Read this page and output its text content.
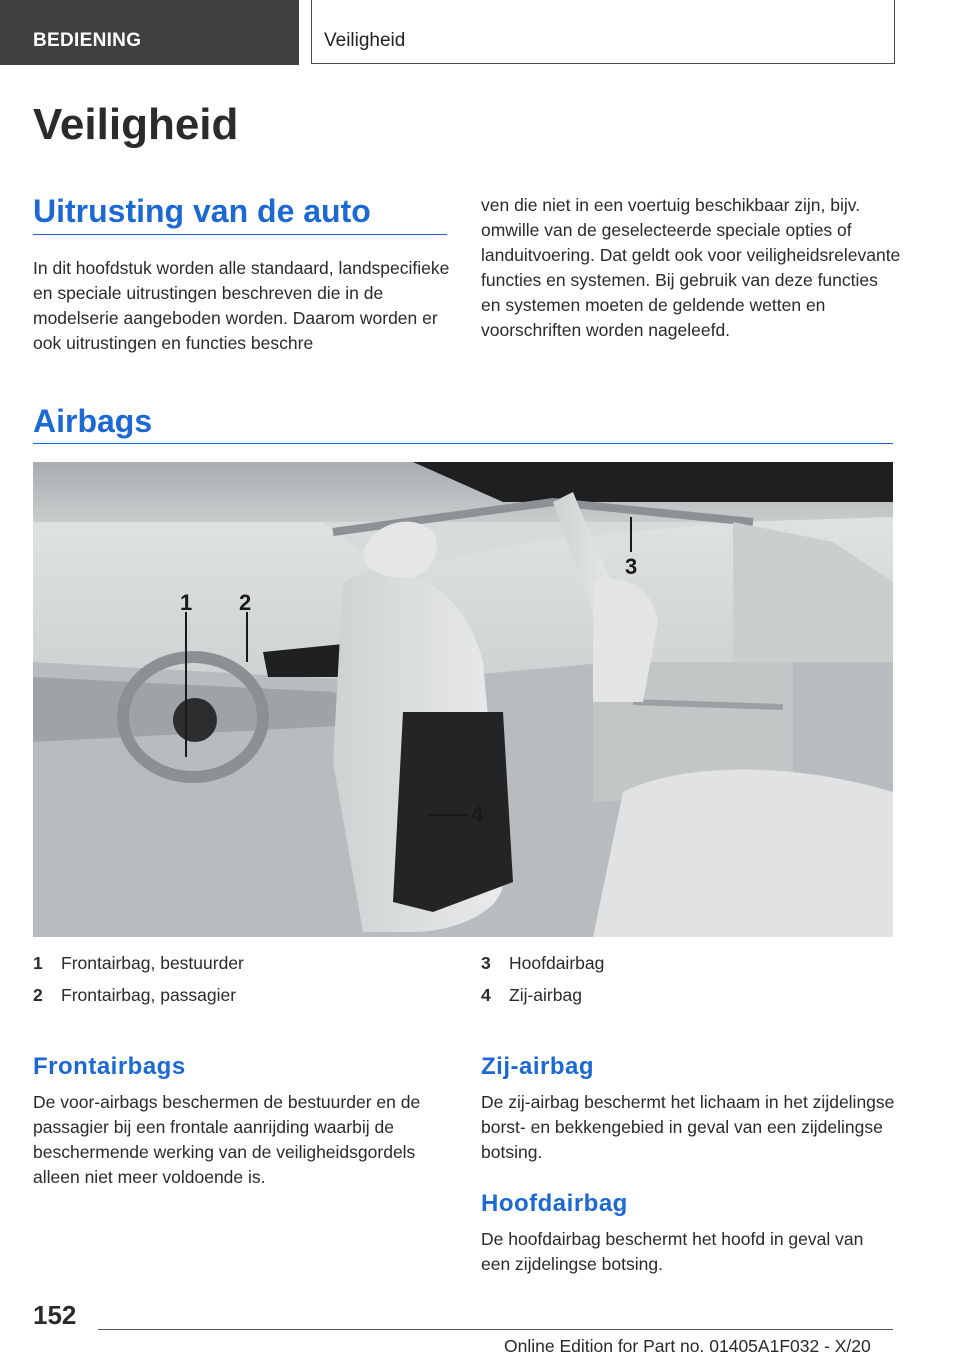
BEDIENING	Veiligheid
Veiligheid
Uitrusting van de auto

In dit hoofdstuk worden alle standaard, landspecifieke en speciale uitrustingen beschreven die in de modelserie aangeboden worden. Daarom worden er ook uitrustingen en functies beschre

ven die niet in een voertuig beschikbaar zijn, bijv. omwille van de geselecteerde speciale opties of landuitvoering. Dat geldt ook voor veiligheidsrelevante functies en systemen. Bij gebruik van deze functies en systemen moeten de geldende wetten en voorschriften worden nageleefd.

Airbags
1 2
3
4
1 Frontairbag, bestuurder
2 Frontairbag, passagier
3 Hoofdairbag
4 Zij-airbag
Frontairbags

De voor-airbags beschermen de bestuurder en de passagier bij een frontale aanrijding waarbij de beschermende werking van de veiligheidsgordels alleen niet meer voldoende is.

Zij-airbag

De zij-airbag beschermt het lichaam in het zijdelingse borst- en bekkengebied in geval van een zijdelingse botsing.

Hoofdairbag

De hoofdairbag beschermt het hoofd in geval van een zijdelingse botsing.

152
Online Edition for Part no. 01405A1F032 - X/20
